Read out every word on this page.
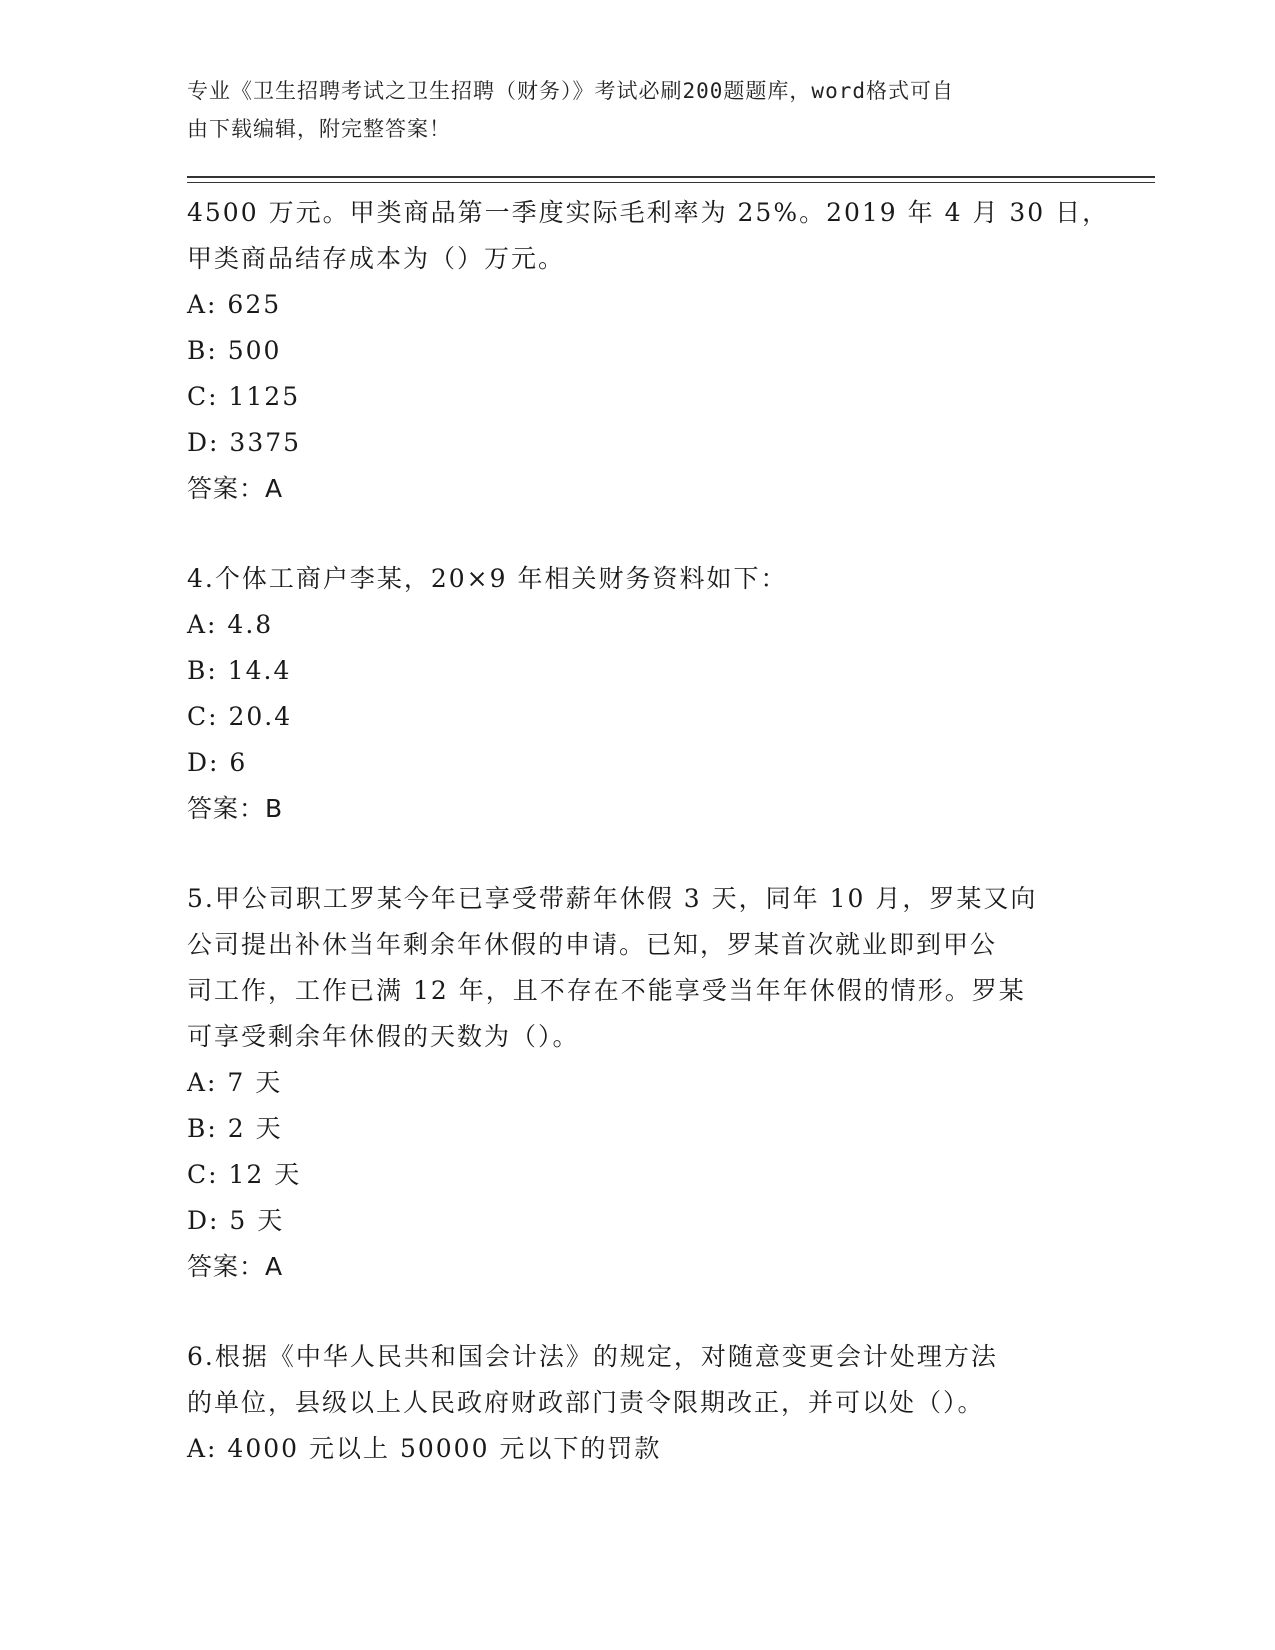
专业《卫生招聘考试之卫生招聘（财务）》考试必刷200题题库，word格式可自
由下载编辑，附完整答案！
4500 万元。甲类商品第一季度实际毛利率为 25%。2019 年 4 月 30 日，
甲类商品结存成本为（）万元。
A: 625
B: 500
C: 1125
D: 3375
答案：A
4.个体工商户李某，20×9 年相关财务资料如下：
A: 4.8
B: 14.4
C: 20.4
D: 6
答案：B
5.甲公司职工罗某今年已享受带薪年休假 3 天，同年 10 月，罗某又向
公司提出补休当年剩余年休假的申请。已知，罗某首次就业即到甲公
司工作，工作已满 12 年，且不存在不能享受当年年休假的情形。罗某
可享受剩余年休假的天数为（）。
A: 7 天
B: 2 天
C: 12 天
D: 5 天
答案：A
6.根据《中华人民共和国会计法》的规定，对随意变更会计处理方法
的单位，县级以上人民政府财政部门责令限期改正，并可以处（）。
A: 4000 元以上 50000 元以下的罚款
